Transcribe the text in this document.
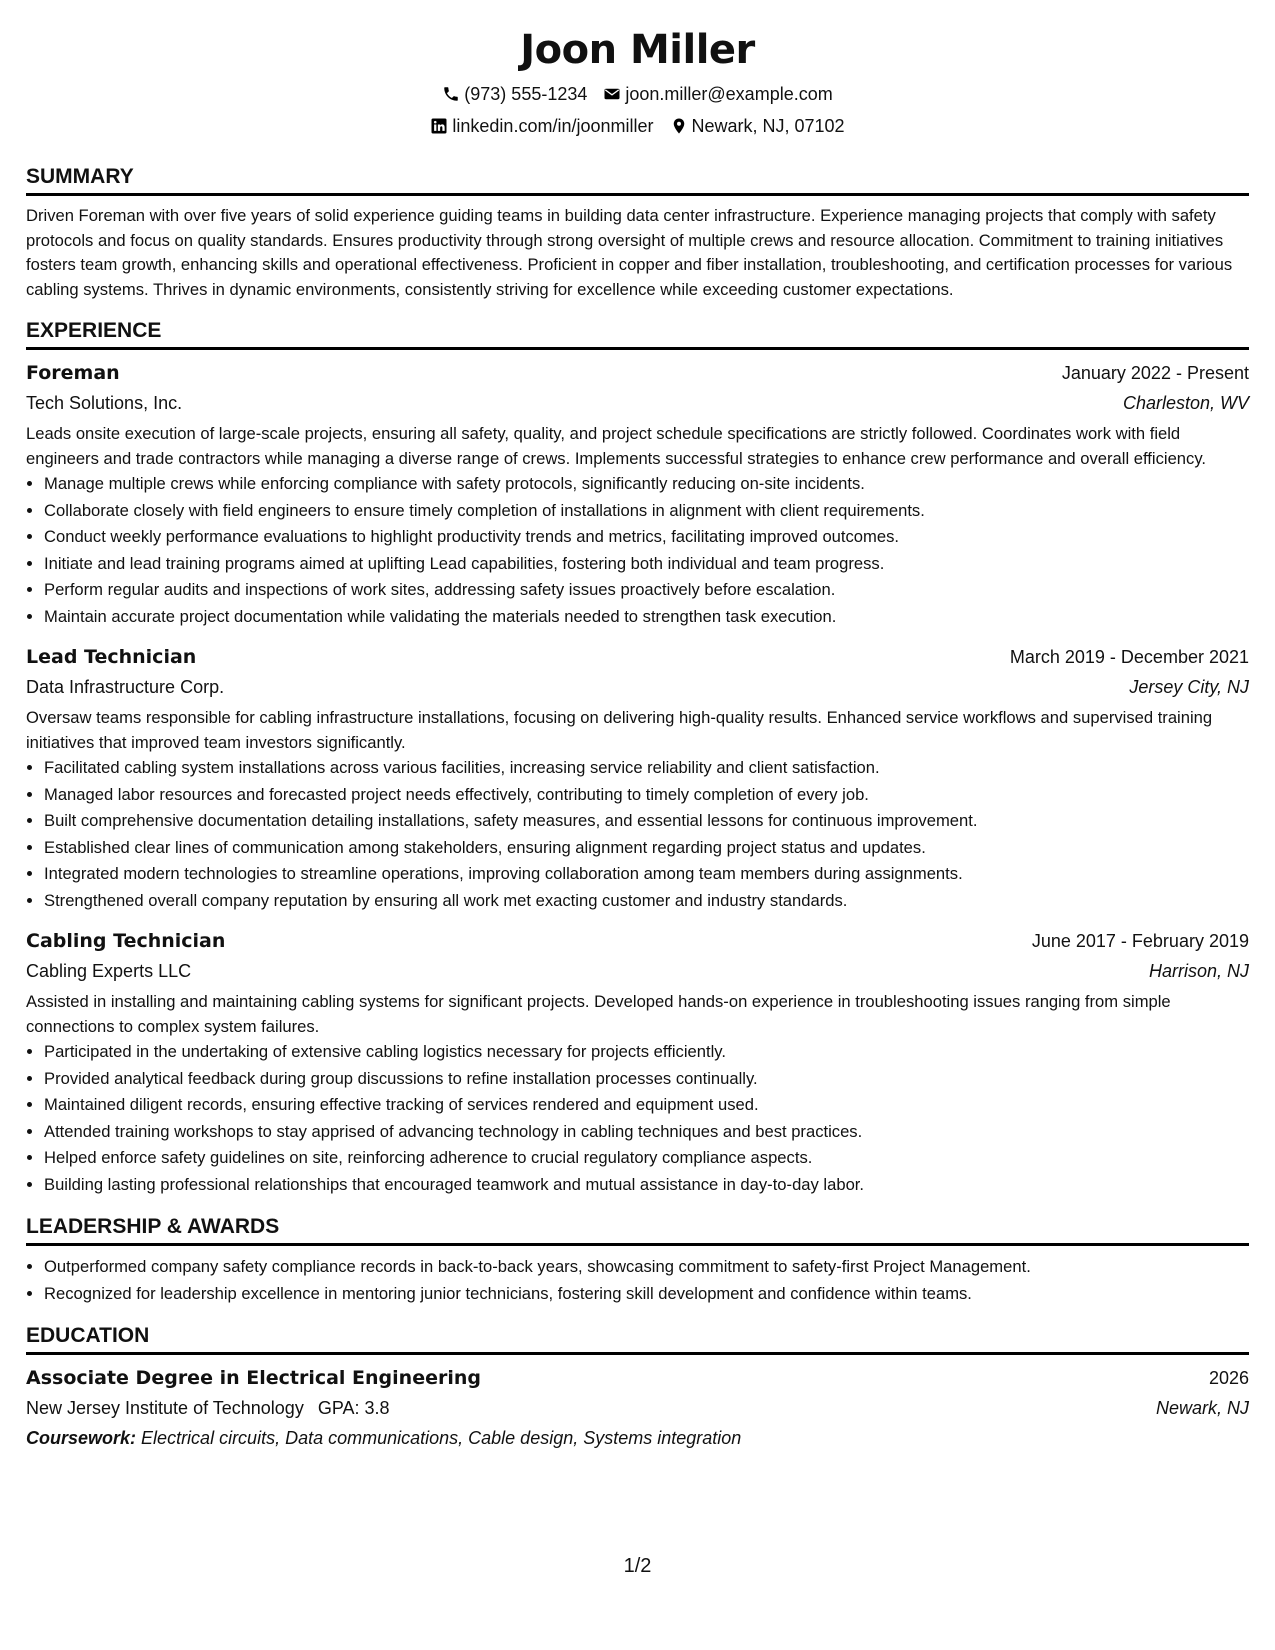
Joon Miller
(973) 555-1234 joon.miller@example.com
linkedin.com/in/joonmiller Newark, NJ, 07102
SUMMARY
Driven Foreman with over five years of solid experience guiding teams in building data center infrastructure. Experience managing projects that comply with safety protocols and focus on quality standards. Ensures productivity through strong oversight of multiple crews and resource allocation. Commitment to training initiatives fosters team growth, enhancing skills and operational effectiveness. Proficient in copper and fiber installation, troubleshooting, and certification processes for various cabling systems. Thrives in dynamic environments, consistently striving for excellence while exceeding customer expectations.
EXPERIENCE
Foreman	January 2022 - Present
Tech Solutions, Inc.	Charleston, WV
Leads onsite execution of large-scale projects, ensuring all safety, quality, and project schedule specifications are strictly followed. Coordinates work with field engineers and trade contractors while managing a diverse range of crews. Implements successful strategies to enhance crew performance and overall efficiency.
• Manage multiple crews while enforcing compliance with safety protocols, significantly reducing on-site incidents.
• Collaborate closely with field engineers to ensure timely completion of installations in alignment with client requirements.
• Conduct weekly performance evaluations to highlight productivity trends and metrics, facilitating improved outcomes.
• Initiate and lead training programs aimed at uplifting Lead capabilities, fostering both individual and team progress.
• Perform regular audits and inspections of work sites, addressing safety issues proactively before escalation.
• Maintain accurate project documentation while validating the materials needed to strengthen task execution.
Lead Technician	March 2019 - December 2021
Data Infrastructure Corp.	Jersey City, NJ
Oversaw teams responsible for cabling infrastructure installations, focusing on delivering high-quality results. Enhanced service workflows and supervised training initiatives that improved team investors significantly.
• Facilitated cabling system installations across various facilities, increasing service reliability and client satisfaction.
• Managed labor resources and forecasted project needs effectively, contributing to timely completion of every job.
• Built comprehensive documentation detailing installations, safety measures, and essential lessons for continuous improvement.
• Established clear lines of communication among stakeholders, ensuring alignment regarding project status and updates.
• Integrated modern technologies to streamline operations, improving collaboration among team members during assignments.
• Strengthened overall company reputation by ensuring all work met exacting customer and industry standards.
Cabling Technician	June 2017 - February 2019
Cabling Experts LLC	Harrison, NJ
Assisted in installing and maintaining cabling systems for significant projects. Developed hands-on experience in troubleshooting issues ranging from simple connections to complex system failures.
• Participated in the undertaking of extensive cabling logistics necessary for projects efficiently.
• Provided analytical feedback during group discussions to refine installation processes continually.
• Maintained diligent records, ensuring effective tracking of services rendered and equipment used.
• Attended training workshops to stay apprised of advancing technology in cabling techniques and best practices.
• Helped enforce safety guidelines on site, reinforcing adherence to crucial regulatory compliance aspects.
• Building lasting professional relationships that encouraged teamwork and mutual assistance in day-to-day labor.
LEADERSHIP & AWARDS
• Outperformed company safety compliance records in back-to-back years, showcasing commitment to safety-first Project Management.
• Recognized for leadership excellence in mentoring junior technicians, fostering skill development and confidence within teams.
EDUCATION
Associate Degree in Electrical Engineering	2026
New Jersey Institute of Technology GPA: 3.8	Newark, NJ
Coursework: Electrical circuits, Data communications, Cable design, Systems integration
1/2
